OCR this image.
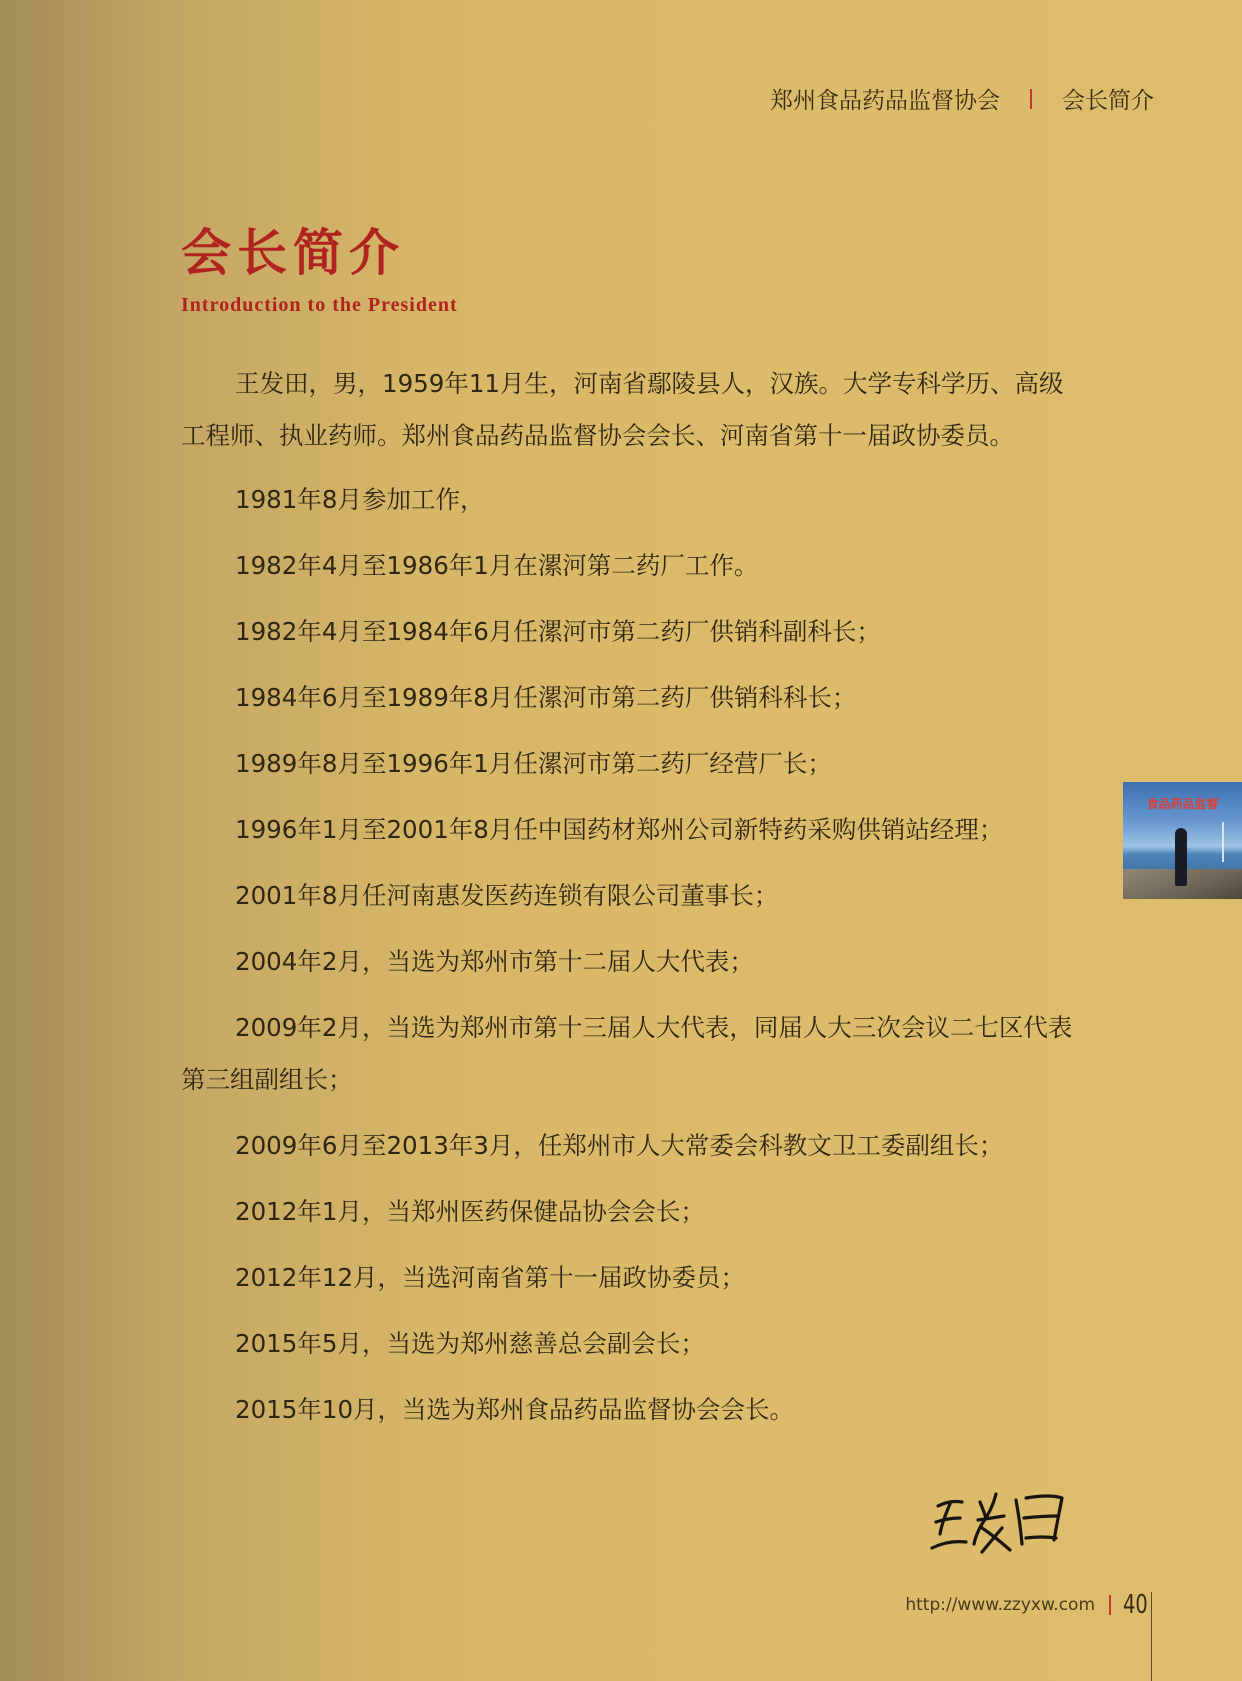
郑州食品药品监督协会	会长简介
会长简介
Introduction to the President

王发田，男，1959年11月生，河南省鄢陵县人，汉族。大学专科学历、高级工程师、执业药师。郑州食品药品监督协会会长、河南省第十一届政协委员。

1981年8月参加工作，

1982年4月至1986年1月在漯河第二药厂工作。

1982年4月至1984年6月任漯河市第二药厂供销科副科长；

1984年6月至1989年8月任漯河市第二药厂供销科科长；

1989年8月至1996年1月任漯河市第二药厂经营厂长；

1996年1月至2001年8月任中国药材郑州公司新特药采购供销站经理；

2001年8月任河南惠发医药连锁有限公司董事长；

2004年2月，当选为郑州市第十二届人大代表；

2009年2月，当选为郑州市第十三届人大代表，同届人大三次会议二七区代表第三组副组长；

2009年6月至2013年3月，任郑州市人大常委会科教文卫工委副组长；

2012年1月，当郑州医药保健品协会会长；

2012年12月，当选河南省第十一届政协委员；

2015年5月，当选为郑州慈善总会副会长；

2015年10月，当选为郑州食品药品监督协会会长。

食品药品监督
http://www.zzyxw.com 40
